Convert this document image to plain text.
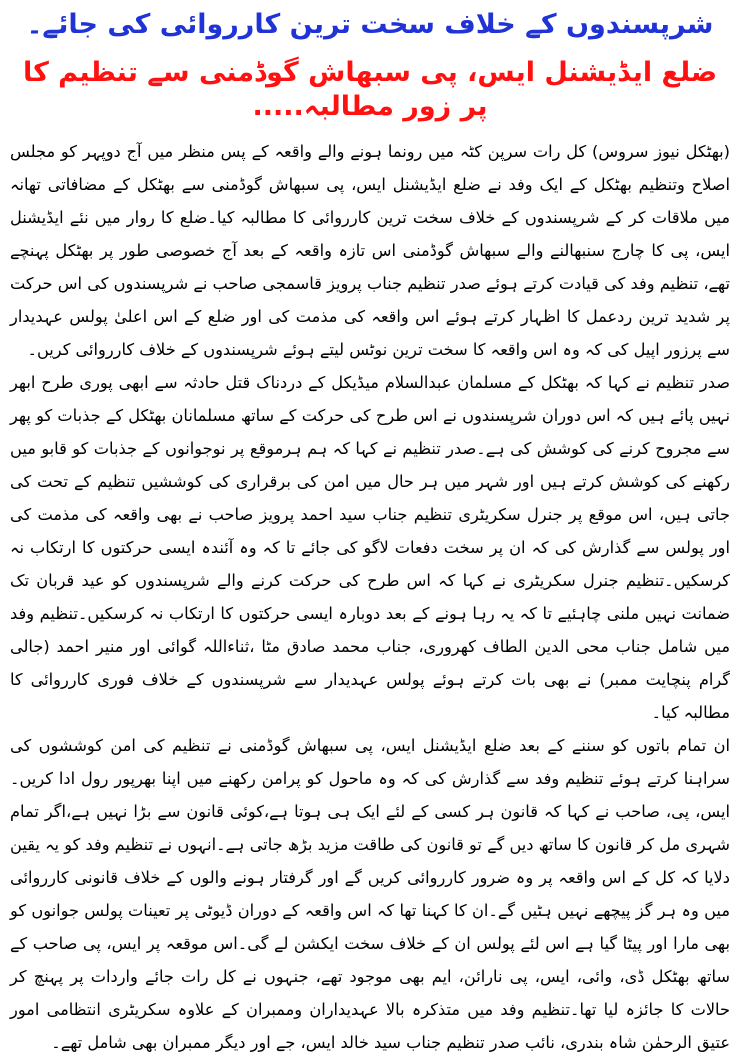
شرپسندوں کے خلاف سخت ترین کارروائی کی جائے۔
ضلع ایڈیشنل ایس، پی سبھاش گوڈمنی سے تنظیم کا پر زور مطالبہ.....

(بھٹکل نیوز سروس) کل رات سرپن کٹہ میں رونما ہونے والے واقعہ کے پس منظر میں آج دوپہر کو مجلس اصلاح وتنظیم بھٹکل کے ایک وفد نے ضلع ایڈیشنل ایس، پی سبھاش گوڈمنی سے بھٹکل کے مضافاتی تھانہ میں ملاقات کر کے شرپسندوں کے خلاف سخت ترین کارروائی کا مطالبہ کیا۔ضلع کا روار میں نئے ایڈیشنل ایس، پی کا چارج سنبھالنے والے سبھاش گوڈمنی اس تازہ واقعہ کے بعد آج خصوصی طور پر بھٹکل پہنچے تھے، تنظیم وفد کی قیادت کرتے ہوئے صدر تنظیم جناب پرویز قاسمجی صاحب نے شرپسندوں کی اس حرکت پر شدید ترین ردعمل کا اظہار کرتے ہوئے اس واقعہ کی مذمت کی اور ضلع کے اس اعلیٰ پولس عہدیدار سے پرزور اپیل کی کہ وہ اس واقعہ کا سخت ترین نوٹس لیتے ہوئے شرپسندوں کے خلاف کارروائی کریں۔

صدر تنظیم نے کہا کہ بھٹکل کے مسلمان عبدالسلام میڈیکل کے دردناک قتل حادثہ سے ابھی پوری طرح ابھر نہیں پائے ہیں کہ اس دوران شرپسندوں نے اس طرح کی حرکت کے ساتھ مسلمانان بھٹکل کے جذبات کو پھر سے مجروح کرنے کی کوشش کی ہے۔صدر تنظیم نے کہا کہ ہم ہرموقع پر نوجوانوں کے جذبات کو قابو میں رکھنے کی کوشش کرتے ہیں اور شہر میں ہر حال میں امن کی برقراری کی کوششیں تنظیم کے تحت کی جاتی ہیں، اس موقع پر جنرل سکریٹری تنظیم جناب سید احمد پرویز صاحب نے بھی واقعہ کی مذمت کی اور پولس سے گذارش کی کہ ان پر سخت دفعات لاگو کی جائے تا کہ وہ آئندہ ایسی حرکتوں کا ارتکاب نہ کرسکیں۔تنظیم جنرل سکریٹری نے کہا کہ اس طرح کی حرکت کرنے والے شرپسندوں کو عید قربان تک ضمانت نہیں ملنی چاہئیے تا کہ یہ رہا ہونے کے بعد دوبارہ ایسی حرکتوں کا ارتکاب نہ کرسکیں۔تنظیم وفد میں شامل جناب محی الدین الطاف کھروری، جناب محمد صادق مٹا ،ثناءاللہ گوائی اور منیر احمد (جالی گرام پنچایت ممبر) نے بھی بات کرتے ہوئے پولس عہدیدار سے شرپسندوں کے خلاف فوری کارروائی کا مطالبہ کیا۔

ان تمام باتوں کو سننے کے بعد ضلع ایڈیشنل ایس، پی سبھاش گوڈمنی نے تنظیم کی امن کوششوں کی سراہنا کرتے ہوئے تنظیم وفد سے گذارش کی کہ وہ ماحول کو پرامن رکھنے میں اپنا بھرپور رول ادا کریں۔ایس، پی، صاحب نے کہا کہ قانون ہر کسی کے لئے ایک ہی ہوتا ہے،کوئی قانون سے بڑا نہیں ہے،اگر تمام شہری مل کر قانون کا ساتھ دیں گے تو قانون کی طاقت مزید بڑھ جاتی ہے۔انہوں نے تنظیم وفد کو یہ یقین دلایا کہ کل کے اس واقعہ پر وہ ضرور کارروائی کریں گے اور گرفتار ہونے والوں کے خلاف قانونی کارروائی میں وہ ہر گز پیچھے نہیں ہٹیں گے۔ان کا کہنا تھا کہ اس واقعہ کے دوران ڈیوٹی پر تعینات پولس جوانوں کو بھی مارا اور پیٹا گیا ہے اس لئے پولس ان کے خلاف سخت ایکشن لے گی۔اس موقعہ پر ایس، پی صاحب کے ساتھ بھٹکل ڈی، وائی، ایس، پی نارائن، ایم بھی موجود تھے، جنہوں نے کل رات جائے واردات پر پہنچ کر حالات کا جائزہ لیا تھا۔تنظیم وفد میں متذکرہ بالا عہدیداران وممبران کے علاوہ سکریٹری انتظامی امور عتیق الرحمٰن شاہ بندری، نائب صدر تنظیم جناب سید خالد ایس، جے اور دیگر ممبران بھی شامل تھے۔
